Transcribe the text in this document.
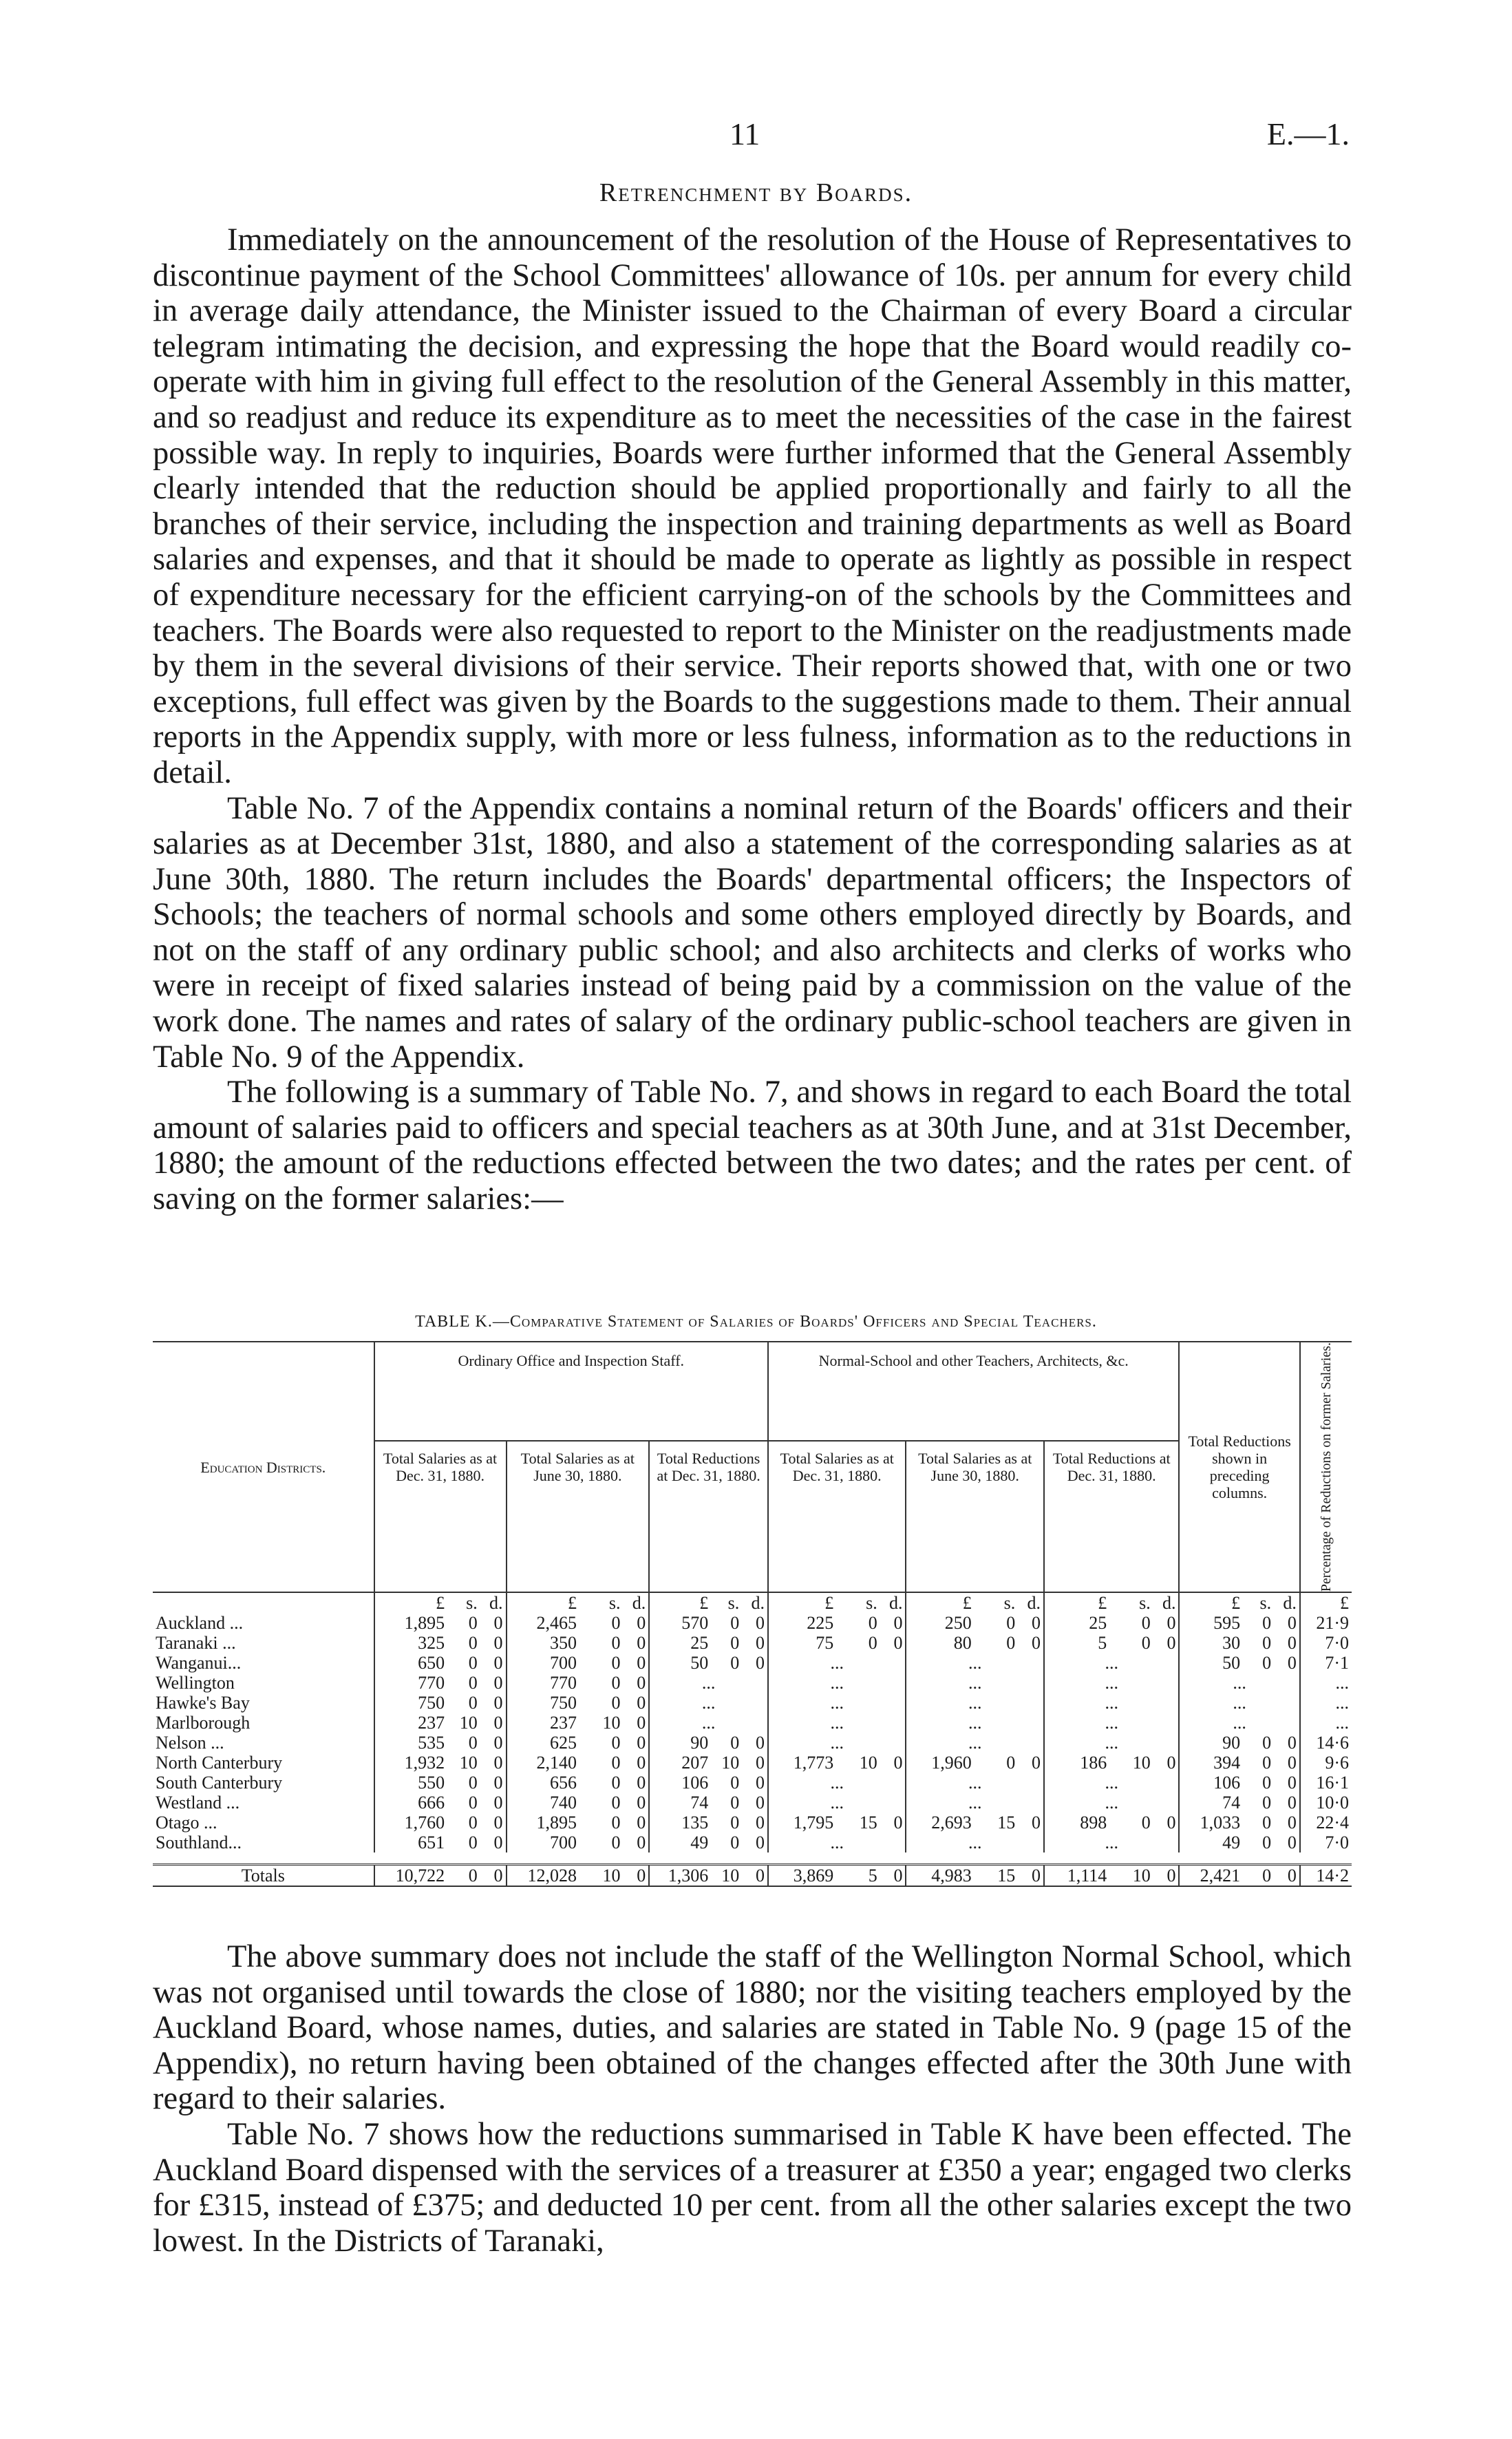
11	E.—1.
Retrenchment by Boards.

Immediately on the announcement of the resolution of the House of Representatives to discontinue payment of the School Committees' allowance of 10s. per annum for every child in average daily attendance, the Minister issued to the Chairman of every Board a circular telegram intimating the decision, and expressing the hope that the Board would readily co-operate with him in giving full effect to the resolution of the General Assembly in this matter, and so readjust and reduce its expenditure as to meet the necessities of the case in the fairest possible way. In reply to inquiries, Boards were further informed that the General Assembly clearly intended that the reduction should be applied proportionally and fairly to all the branches of their service, including the inspection and training departments as well as Board salaries and expenses, and that it should be made to operate as lightly as possible in respect of expenditure necessary for the efficient carrying-on of the schools by the Committees and teachers. The Boards were also requested to report to the Minister on the readjustments made by them in the several divisions of their service. Their reports showed that, with one or two exceptions, full effect was given by the Boards to the suggestions made to them. Their annual reports in the Appendix supply, with more or less fulness, information as to the reductions in detail.

Table No. 7 of the Appendix contains a nominal return of the Boards' officers and their salaries as at December 31st, 1880, and also a statement of the corresponding salaries as at June 30th, 1880. The return includes the Boards' departmental officers; the Inspectors of Schools; the teachers of normal schools and some others employed directly by Boards, and not on the staff of any ordinary public school; and also architects and clerks of works who were in receipt of fixed salaries instead of being paid by a commission on the value of the work done. The names and rates of salary of the ordinary public-school teachers are given in Table No. 9 of the Appendix.

The following is a summary of Table No. 7, and shows in regard to each Board the total amount of salaries paid to officers and special teachers as at 30th June, and at 31st December, 1880; the amount of the reductions effected between the two dates; and the rates per cent. of saving on the former salaries:—

TABLE K.—Comparative Statement of Salaries of Boards' Officers and Special Teachers.
Education Districts.	Ordinary Office and Inspection Staff.									Normal-School and other Teachers, Architects, &c.									Total Reductions shown in preceding columns.			Percentage of Reductions on former Salaries.

	Total Salaries as at Dec. 31, 1880.			Total Salaries as at June 30, 1880.			Total Reductions at Dec. 31, 1880.			Total Salaries as at Dec. 31, 1880.			Total Salaries as at June 30, 1880.			Total Reductions at Dec. 31, 1880.						
	£	s.	d.	£	s.	d.	£	s.	d.	£	s.	d.	£	s.	d.	£	s.	d.	£	s.	d.	£
Auckland ...	1,895	0	0	2,465	0	0	570	0	0	225	0	0	250	0	0	25	0	0	595	0	0	21·9
Taranaki ...	325	0	0	350	0	0	25	0	0	75	0	0	80	0	0	5	0	0	30	0	0	7·0
Wanganui...	650	0	0	700	0	0	50	0	0	...			...			...			50	0	0	7·1
Wellington	770	0	0	770	0	0	...			...			...			...			...			...
Hawke's Bay	750	0	0	750	0	0	...			...			...			...			...			...
Marlborough	237	10	0	237	10	0	...			...			...			...			...			...
Nelson ...	535	0	0	625	0	0	90	0	0	...			...			...			90	0	0	14·6
North Canterbury	1,932	10	0	2,140	0	0	207	10	0	1,773	10	0	1,960	0	0	186	10	0	394	0	0	9·6
South Canterbury	550	0	0	656	0	0	106	0	0	...			...			...			106	0	0	16·1
Westland ...	666	0	0	740	0	0	74	0	0	...			...			...			74	0	0	10·0
Otago ...	1,760	0	0	1,895	0	0	135	0	0	1,795	15	0	2,693	15	0	898	0	0	1,033	0	0	22·4
Southland...	651	0	0	700	0	0	49	0	0	...			...			...			49	0	0	7·0

Totals	10,722	0	0	12,028	10	0	1,306	10	0	3,869	5	0	4,983	15	0	1,114	10	0	2,421	0	0	14·2

The above summary does not include the staff of the Wellington Normal School, which was not organised until towards the close of 1880; nor the visiting teachers employed by the Auckland Board, whose names, duties, and salaries are stated in Table No. 9 (page 15 of the Appendix), no return having been obtained of the changes effected after the 30th June with regard to their salaries.

Table No. 7 shows how the reductions summarised in Table K have been effected. The Auckland Board dispensed with the services of a treasurer at £350 a year; engaged two clerks for £315, instead of £375; and deducted 10 per cent. from all the other salaries except the two lowest. In the Districts of Taranaki,
